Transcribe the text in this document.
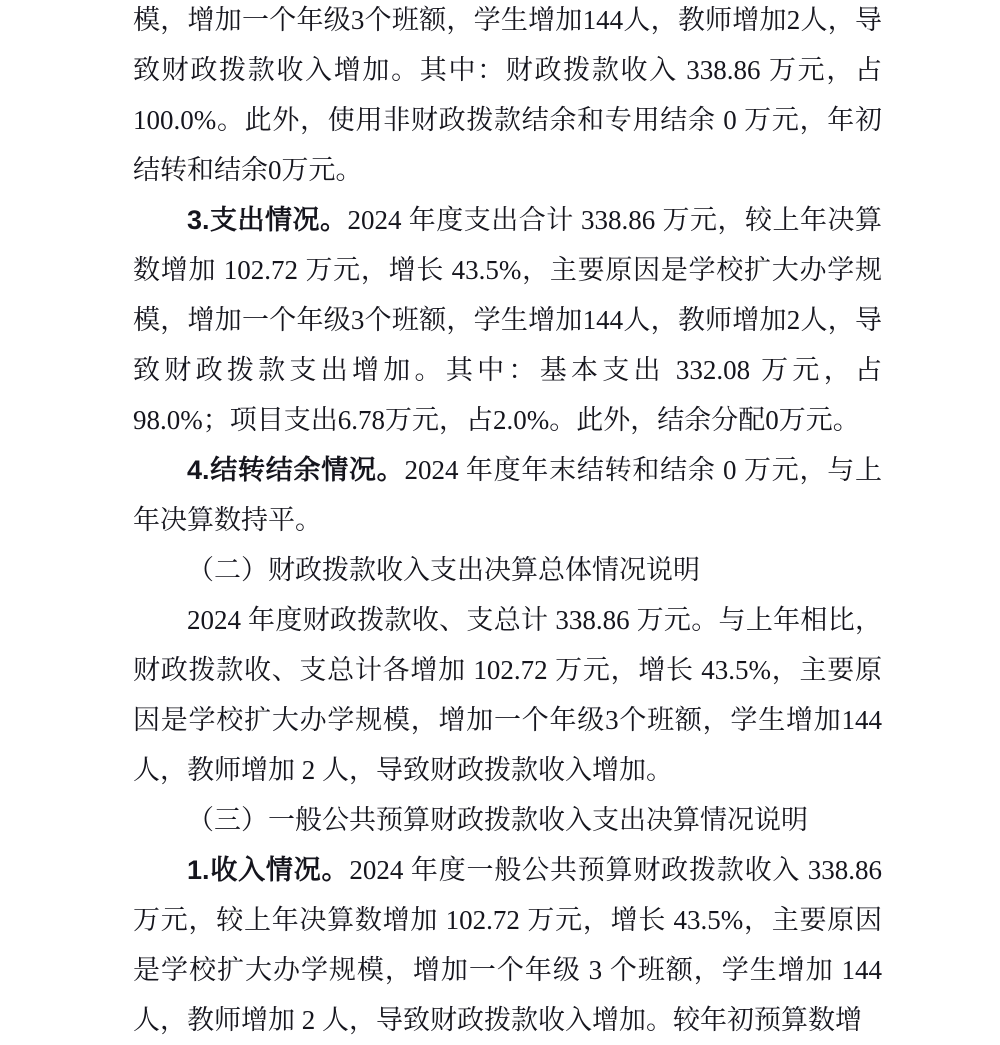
模，增加一个年级3个班额，学生增加144人，教师增加2人，导致财政拨款收入增加。其中：财政拨款收入 338.86 万元，占100.0%。此外，使用非财政拨款结余和专用结余 0 万元，年初结转和结余0万元。

3.支出情况。2024 年度支出合计 338.86 万元，较上年决算数增加 102.72 万元，增长 43.5%，主要原因是学校扩大办学规模，增加一个年级3个班额，学生增加144人，教师增加2人，导致财政拨款支出增加。其中：基本支出 332.08 万元，占98.0%；项目支出6.78万元，占2.0%。此外，结余分配0万元。

4.结转结余情况。2024 年度年末结转和结余 0 万元，与上年决算数持平。

（二）财政拨款收入支出决算总体情况说明

2024 年度财政拨款收、支总计 338.86 万元。与上年相比，财政拨款收、支总计各增加 102.72 万元，增长 43.5%，主要原因是学校扩大办学规模，增加一个年级3个班额，学生增加144人，教师增加 2 人，导致财政拨款收入增加。

（三）一般公共预算财政拨款收入支出决算情况说明

1.收入情况。2024 年度一般公共预算财政拨款收入 338.86 万元，较上年决算数增加 102.72 万元，增长 43.5%，主要原因是学校扩大办学规模，增加一个年级 3 个班额，学生增加 144 人，教师增加 2 人，导致财政拨款收入增加。较年初预算数增
